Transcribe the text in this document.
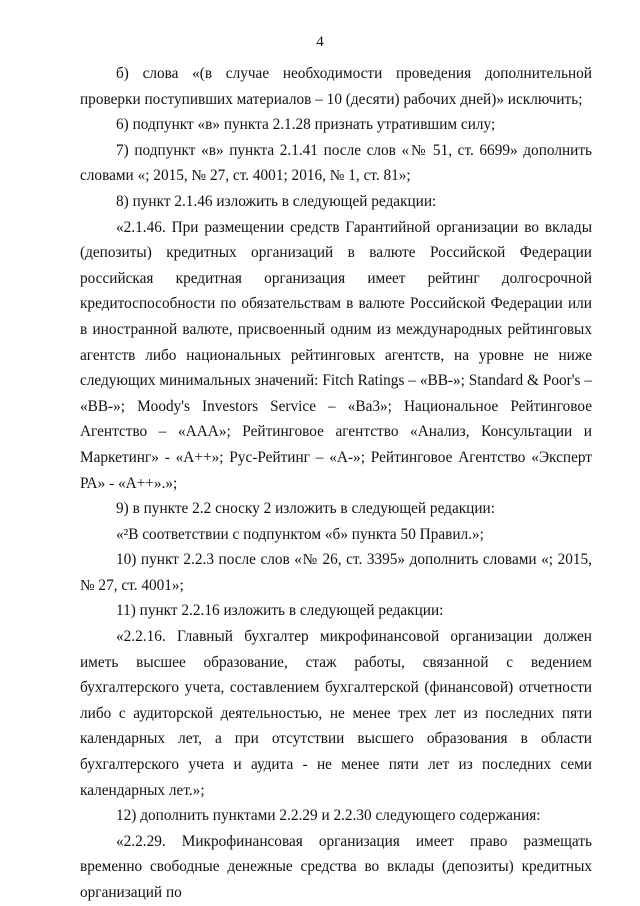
4

б) слова «(в случае необходимости проведения дополнительной проверки поступивших материалов – 10 (десяти) рабочих дней)» исключить;

6) подпункт «в» пункта 2.1.28 признать утратившим силу;

7) подпункт «в» пункта 2.1.41 после слов «№ 51, ст. 6699» дополнить словами «; 2015, № 27, ст. 4001; 2016, № 1, ст. 81»;

8) пункт 2.1.46 изложить в следующей редакции:

«2.1.46. При размещении средств Гарантийной организации во вклады (депозиты) кредитных организаций в валюте Российской Федерации российская кредитная организация имеет рейтинг долгосрочной кредитоспособности по обязательствам в валюте Российской Федерации или в иностранной валюте, присвоенный одним из международных рейтинговых агентств либо национальных рейтинговых агентств, на уровне не ниже следующих минимальных значений: Fitch Ratings – «BB-»; Standard & Poor's – «BB-»; Moody's Investors Service – «Ba3»; Национальное Рейтинговое Агентство – «AAA»; Рейтинговое агентство «Анализ, Консультации и Маркетинг» - «A++»; Рус-Рейтинг – «A-»; Рейтинговое Агентство «Эксперт РА» - «A++».»;

9) в пункте 2.2 сноску 2 изложить в следующей редакции:

«²В соответствии с подпунктом «б» пункта 50 Правил.»;

10) пункт 2.2.3 после слов «№ 26, ст. 3395» дополнить словами «; 2015, № 27, ст. 4001»;

11) пункт 2.2.16 изложить в следующей редакции:

«2.2.16. Главный бухгалтер микрофинансовой организации должен иметь высшее образование, стаж работы, связанной с ведением бухгалтерского учета, составлением бухгалтерской (финансовой) отчетности либо с аудиторской деятельностью, не менее трех лет из последних пяти календарных лет, а при отсутствии высшего образования в области бухгалтерского учета и аудита - не менее пяти лет из последних семи календарных лет.»;

12) дополнить пунктами 2.2.29 и 2.2.30 следующего содержания:

«2.2.29. Микрофинансовая организация имеет право размещать временно свободные денежные средства во вклады (депозиты) кредитных организаций по
